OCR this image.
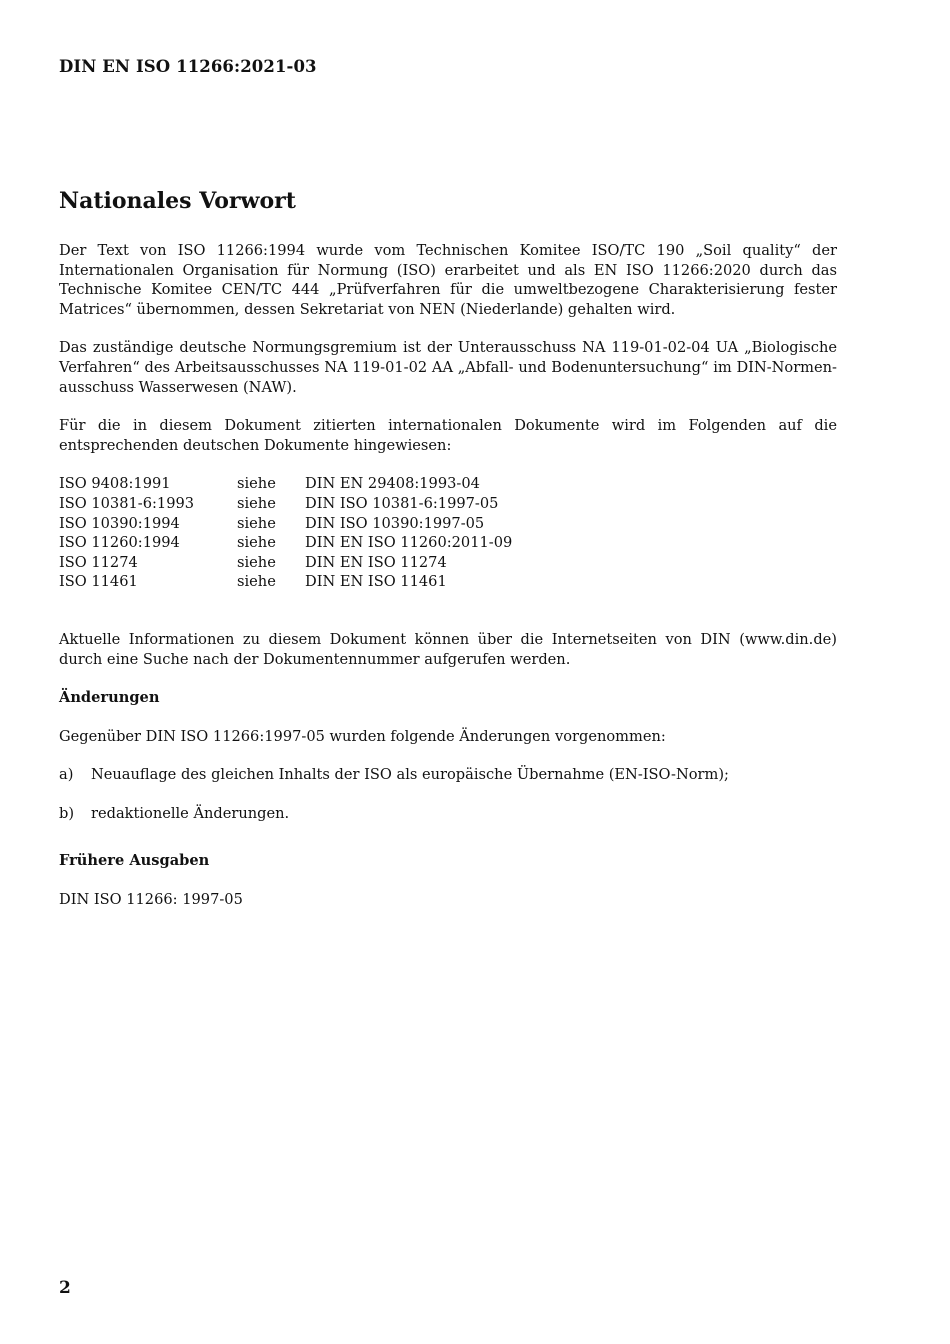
DIN EN ISO 11266:2021-03
Nationales Vorwort

Der Text von ISO 11266:1994 wurde vom Technischen Komitee ISO/TC 190 „Soil quality“ der Internationalen Organisation für Normung (ISO) erarbeitet und als EN ISO 11266:2020 durch das Technische Komitee CEN/TC 444 „Prüfverfahren für die umweltbezogene Charakterisierung fester Matrices“ übernommen, dessen Sekretariat von NEN (Niederlande) gehalten wird.

Das zuständige deutsche Normungsgremium ist der Unterausschuss NA 119-01-02-04 UA „Biologische Verfahren“ des Arbeitsausschusses NA 119-01-02 AA „Abfall- und Bodenuntersuchung“ im DIN-Normen-ausschuss Wasserwesen (NAW).

Für die in diesem Dokument zitierten internationalen Dokumente wird im Folgenden auf die entsprechenden deutschen Dokumente hingewiesen:

ISO 9408:1991	siehe	DIN EN 29408:1993-04
ISO 10381-6:1993	siehe	DIN ISO 10381-6:1997-05
ISO 10390:1994	siehe	DIN ISO 10390:1997-05
ISO 11260:1994	siehe	DIN EN ISO 11260:2011-09
ISO 11274	siehe	DIN EN ISO 11274
ISO 11461	siehe	DIN EN ISO 11461

Aktuelle Informationen zu diesem Dokument können über die Internetseiten von DIN (www.din.de) durch eine Suche nach der Dokumentennummer aufgerufen werden.

Änderungen

Gegenüber DIN ISO 11266:1997-05 wurden folgende Änderungen vorgenommen:

a)	Neuauflage des gleichen Inhalts der ISO als europäische Übernahme (EN-ISO-Norm);
b)	redaktionelle Änderungen.
Frühere Ausgaben

DIN ISO 11266: 1997-05

2
